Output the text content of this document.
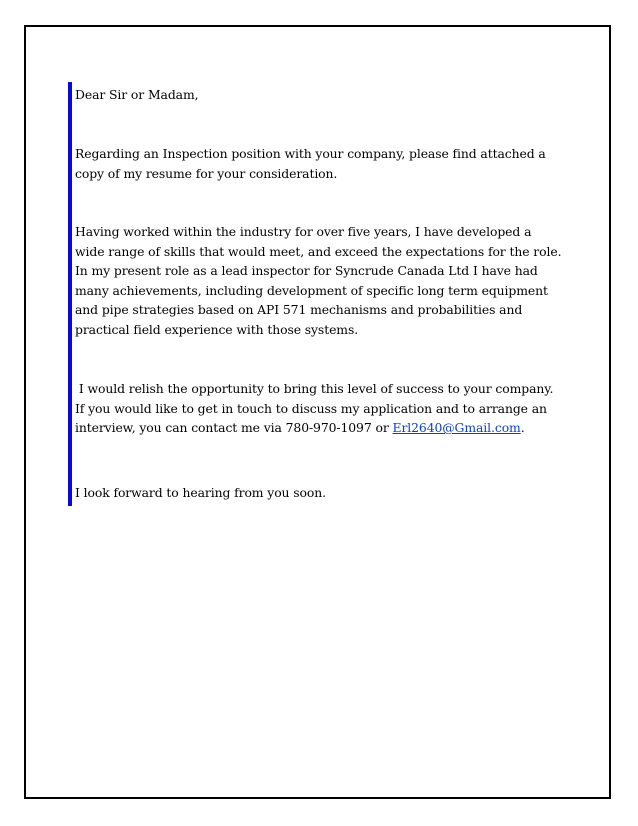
Dear Sir or Madam,

Regarding an Inspection position with your company, please find attached a

copy of my resume for your consideration.

Having worked within the industry for over five years, I have developed a

wide range of skills that would meet, and exceed the expectations for the role.

In my present role as a lead inspector for Syncrude Canada Ltd I have had

many achievements, including development of specific long term equipment

and pipe strategies based on API 571 mechanisms and probabilities and

practical field experience with those systems.

I would relish the opportunity to bring this level of success to your company.

If you would like to get in touch to discuss my application and to arrange an

interview, you can contact me via 780-970-1097 or Erl2640@Gmail.com.

I look forward to hearing from you soon.
